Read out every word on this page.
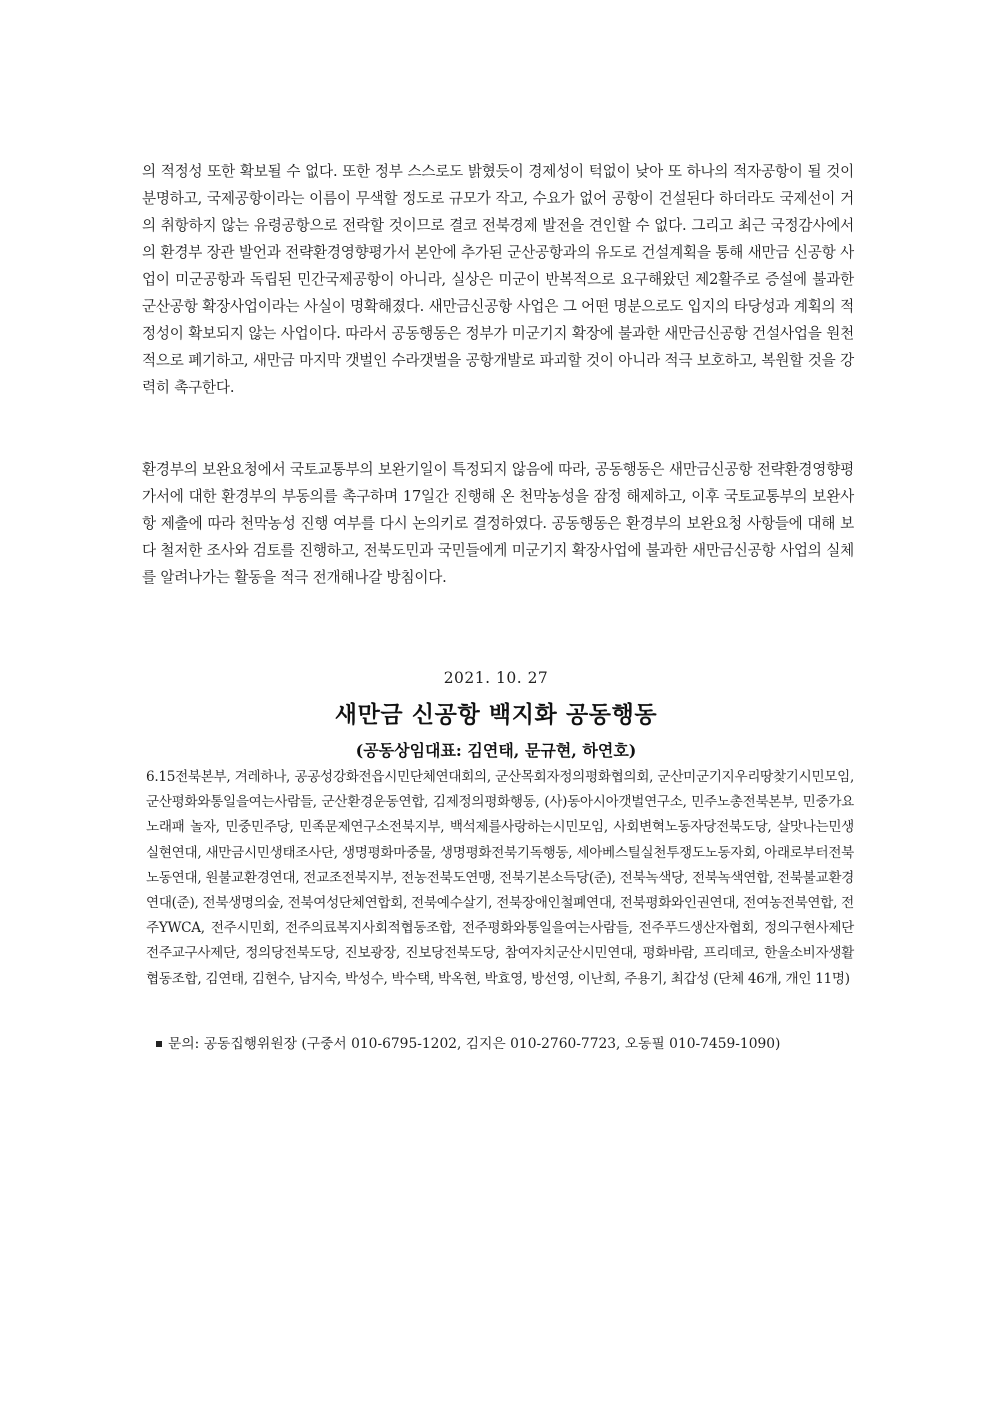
의 적정성 또한 확보될 수 없다. 또한 정부 스스로도 밝혔듯이 경제성이 턱없이 낮아 또 하나의 적자공항이 될 것이 분명하고, 국제공항이라는 이름이 무색할 정도로 규모가 작고, 수요가 없어 공항이 건설된다 하더라도 국제선이 거의 취항하지 않는 유령공항으로 전락할 것이므로 결코 전북경제 발전을 견인할 수 없다. 그리고 최근 국정감사에서의 환경부 장관 발언과 전략환경영향평가서 본안에 추가된 군산공항과의 유도로 건설계획을 통해 새만금 신공항 사업이 미군공항과 독립된 민간국제공항이 아니라, 실상은 미군이 반복적으로 요구해왔던 제2활주로 증설에 불과한 군산공항 확장사업이라는 사실이 명확해졌다. 새만금신공항 사업은 그 어떤 명분으로도 입지의 타당성과 계획의 적정성이 확보되지 않는 사업이다. 따라서 공동행동은 정부가 미군기지 확장에 불과한 새만금신공항 건설사업을 원천적으로 폐기하고, 새만금 마지막 갯벌인 수라갯벌을 공항개발로 파괴할 것이 아니라 적극 보호하고, 복원할 것을 강력히 촉구한다.

환경부의 보완요청에서 국토교통부의 보완기일이 특정되지 않음에 따라, 공동행동은 새만금신공항 전략환경영향평가서에 대한 환경부의 부동의를 촉구하며 17일간 진행해 온 천막농성을 잠정 해제하고, 이후 국토교통부의 보완사항 제출에 따라 천막농성 진행 여부를 다시 논의키로 결정하였다. 공동행동은 환경부의 보완요청 사항들에 대해 보다 철저한 조사와 검토를 진행하고, 전북도민과 국민들에게 미군기지 확장사업에 불과한 새만금신공항 사업의 실체를 알려나가는 활동을 적극 전개해나갈 방침이다.

2021. 10. 27
새만금 신공항 백지화 공동행동
(공동상임대표: 김연태, 문규현, 하연호)

6.15전북본부, 겨레하나, 공공성강화전읍시민단체연대회의, 군산목회자정의평화협의회, 군산미군기지우리땅찾기시민모임, 군산평화와통일을여는사람들, 군산환경운동연합, 김제정의평화행동, (사)동아시아갯벌연구소, 민주노총전북본부, 민중가요노래패 놀자, 민중민주당, 민족문제연구소전북지부, 백석제를사랑하는시민모임, 사회변혁노동자당전북도당, 살맛나는민생실현연대, 새만금시민생태조사단, 생명평화마중물, 생명평화전북기독행동, 세아베스틸실천투쟁도노동자회, 아래로부터전북노동연대, 원불교환경연대, 전교조전북지부, 전농전북도연맹, 전북기본소득당(준), 전북녹색당, 전북녹색연합, 전북불교환경연대(준), 전북생명의숲, 전북여성단체연합회, 전북예수살기, 전북장애인철폐연대, 전북평화와인권연대, 전여농전북연합, 전주YWCA, 전주시민회, 전주의료복지사회적협동조합, 전주평화와통일을여는사람들, 전주푸드생산자협회, 정의구현사제단전주교구사제단, 정의당전북도당, 진보광장, 진보당전북도당, 참여자치군산시민연대, 평화바람, 프리데코, 한울소비자생활협동조합, 김연태, 김현수, 남지숙, 박성수, 박수택, 박옥현, 박효영, 방선영, 이난희, 주용기, 최갑성 (단체 46개, 개인 11명)

문의: 공동집행위원장 (구중서 010-6795-1202, 김지은 010-2760-7723, 오동필 010-7459-1090)
